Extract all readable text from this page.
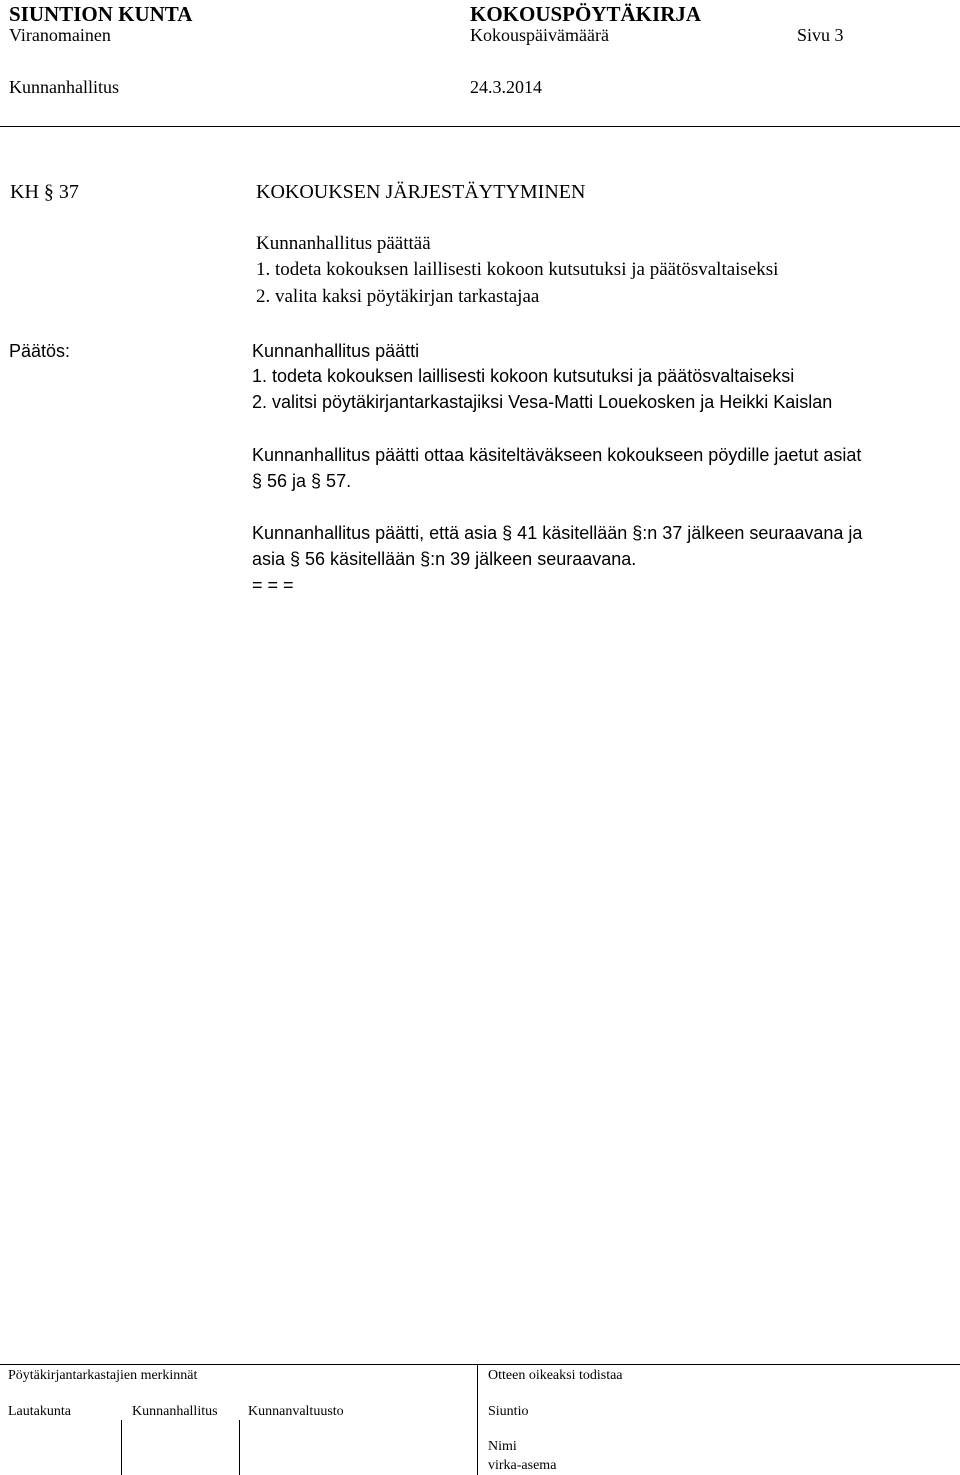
SIUNTION KUNTA	KOKOUSPÖYTÄKIRJA
Viranomainen	Kokouspäivämäärä	Sivu 3
Kunnanhallitus	24.3.2014
KH § 37	KOKOUKSEN JÄRJESTÄYTYMINEN
Kunnanhallitus päättää
1. todeta kokouksen laillisesti kokoon kutsutuksi ja päätösvaltaiseksi
2. valita kaksi pöytäkirjan tarkastajaa
Päätös:	Kunnanhallitus päätti
1. todeta kokouksen laillisesti kokoon kutsutuksi ja päätösvaltaiseksi
2. valitsi pöytäkirjantarkastajiksi Vesa-Matti Louekosken ja Heikki Kaislan
Kunnanhallitus päätti ottaa käsiteltäväkseen kokoukseen pöydille jaetut asiat
§ 56 ja § 57.
Kunnanhallitus päätti, että asia § 41 käsitellään §:n 37 jälkeen seuraavana ja
asia § 56 käsitellään §:n 39 jälkeen seuraavana.
= = =
Pöytäkirjantarkastajien merkinnät	Otteen oikeaksi todistaa
Lautakunta	Kunnanhallitus Kunnanvaltuusto	Siuntio
Nimi
virka-asema
